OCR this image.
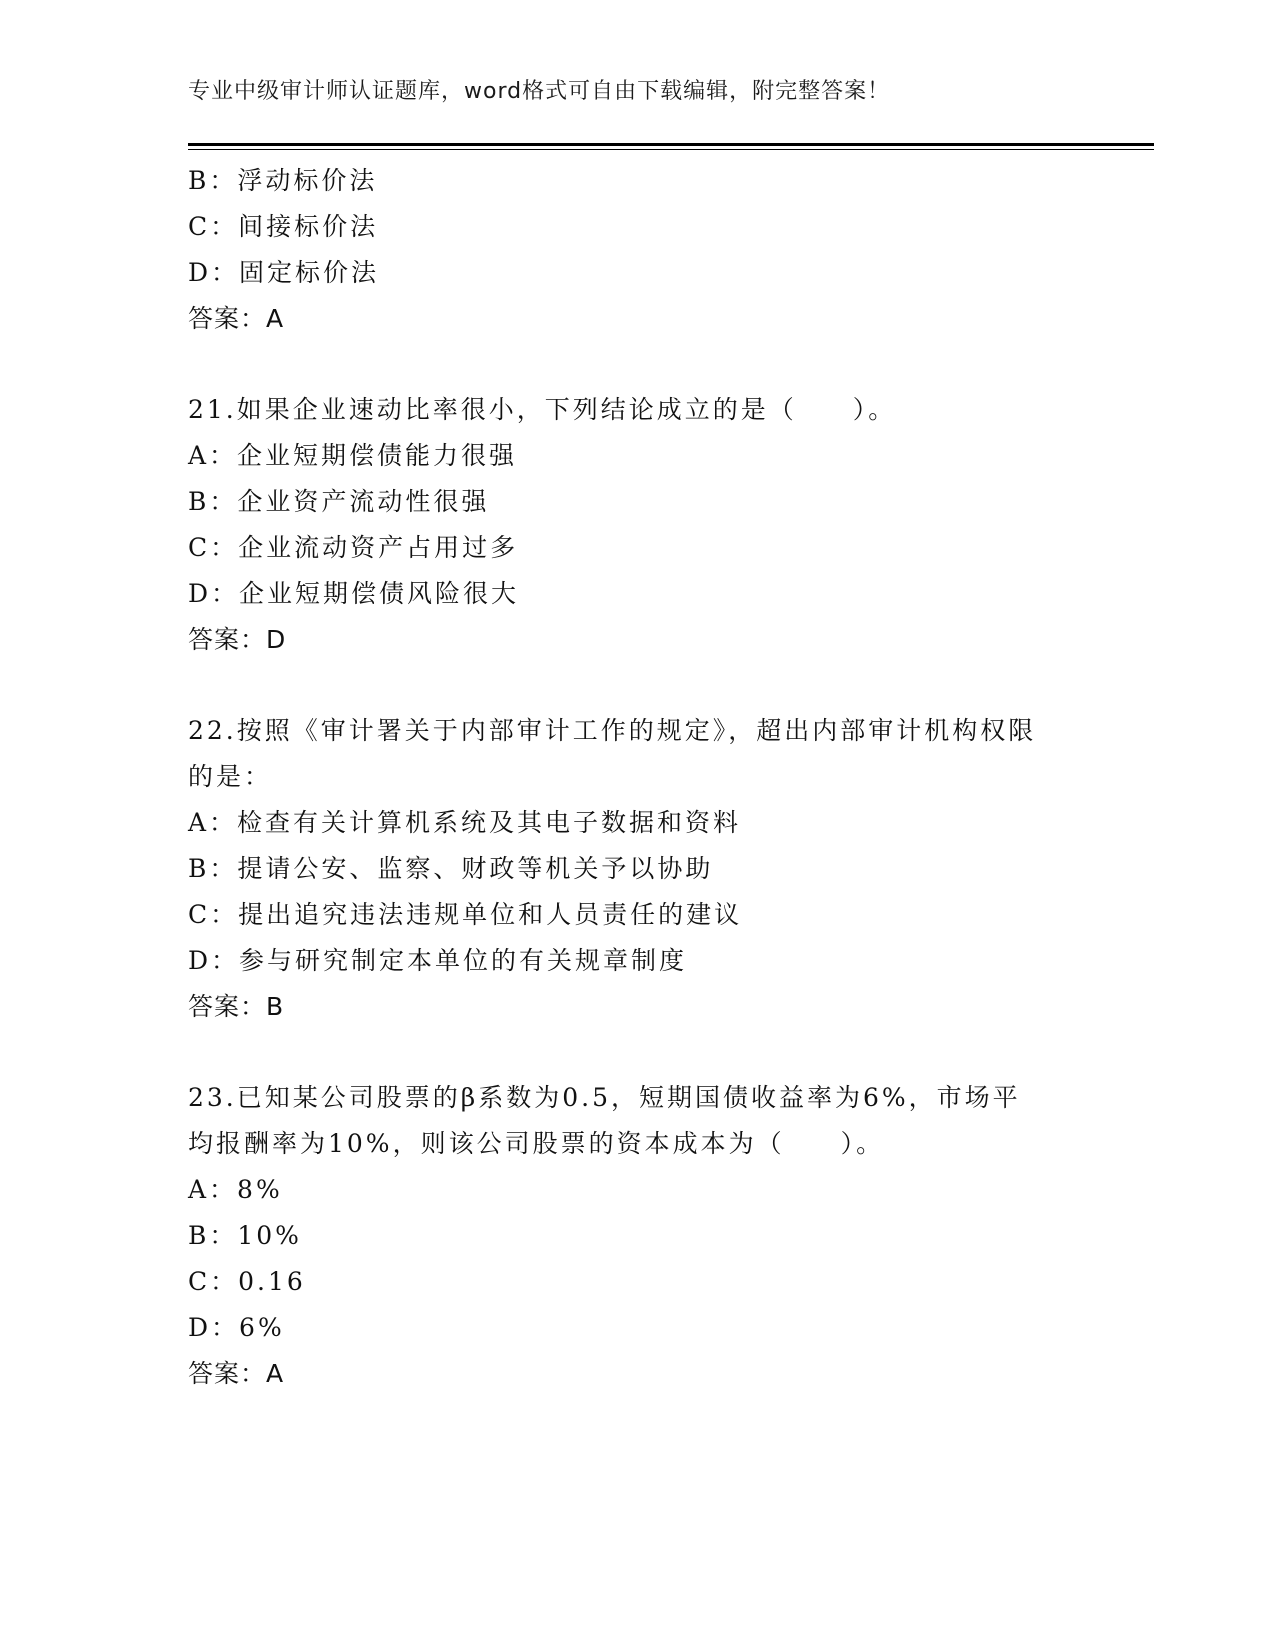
专业中级审计师认证题库，word格式可自由下载编辑，附完整答案！
B：浮动标价法
C：间接标价法
D：固定标价法
答案：A
21.如果企业速动比率很小，下列结论成立的是（　　）。
A：企业短期偿债能力很强
B：企业资产流动性很强
C：企业流动资产占用过多
D：企业短期偿债风险很大
答案：D
22.按照《审计署关于内部审计工作的规定》，超出内部审计机构权限
的是：
A：检查有关计算机系统及其电子数据和资料
B：提请公安、监察、财政等机关予以协助
C：提出追究违法违规单位和人员责任的建议
D：参与研究制定本单位的有关规章制度
答案：B
23.已知某公司股票的β系数为0.5，短期国债收益率为6%，市场平
均报酬率为10%，则该公司股票的资本成本为（　　）。
A：8%
B：10%
C：0.16
D：6%
答案：A
